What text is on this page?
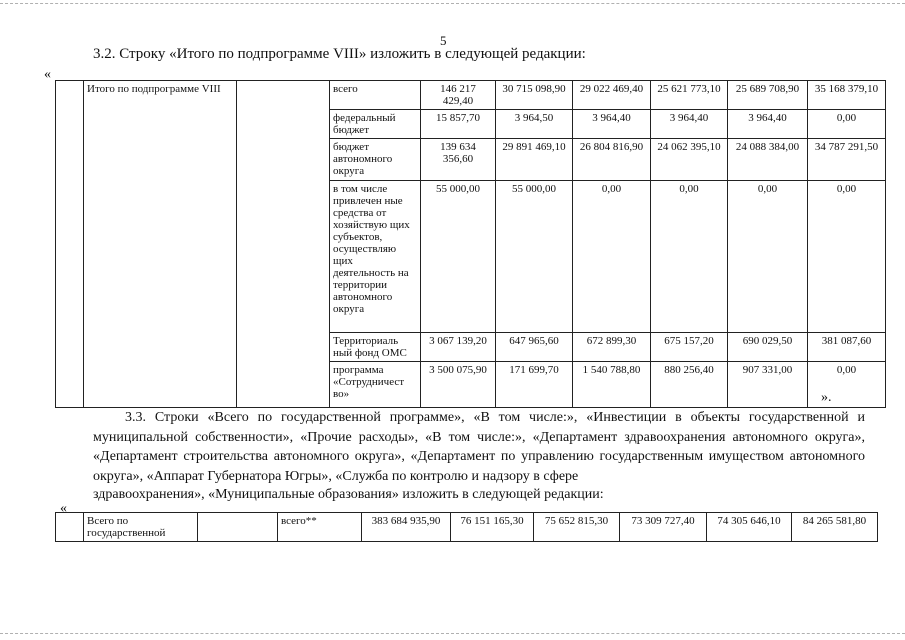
5
3.2. Строку «Итого по подпрограмме VIII» изложить в следующей редакции:
«
	Итого по подпрограмме VIII		всего	146 217 429,40	30 715 098,90	29 022 469,40	25 621 773,10	25 689 708,90	35 168 379,10
			федеральный бюджет	15 857,70	3 964,50	3 964,40	3 964,40	3 964,40	0,00
			бюджет автономного округа	139 634 356,60	29 891 469,10	26 804 816,90	24 062 395,10	24 088 384,00	34 787 291,50
			в том числе привлечен ные средства от хозяйствую щих субъектов, осуществляю щих деятельность на территории автономного округа	55 000,00	55 000,00	0,00	0,00	0,00	0,00
			Территориаль ный фонд ОМС	3 067 139,20	647 965,60	672 899,30	675 157,20	690 029,50	381 087,60
			программа «Сотрудничест во»	3 500 075,90	171 699,70	1 540 788,80	880 256,40	907 331,00	0,00
».
3.3. Строки «Всего по государственной программе», «В том числе:», «Инвестиции в объекты государственной и муниципальной собственности», «Прочие расходы», «В том числе:», «Департамент здравоохранения автономного округа», «Департамент строительства автономного округа», «Департамент по управлению государственным имуществом автономного округа», «Аппарат Губернатора Югры», «Служба по контролю и надзору в сфере
здравоохранения», «Муниципальные образования» изложить в следующей редакции:
«
	Всего по государственной		всего**	383 684 935,90	76 151 165,30	75 652 815,30	73 309 727,40	74 305 646,10	84 265 581,80
